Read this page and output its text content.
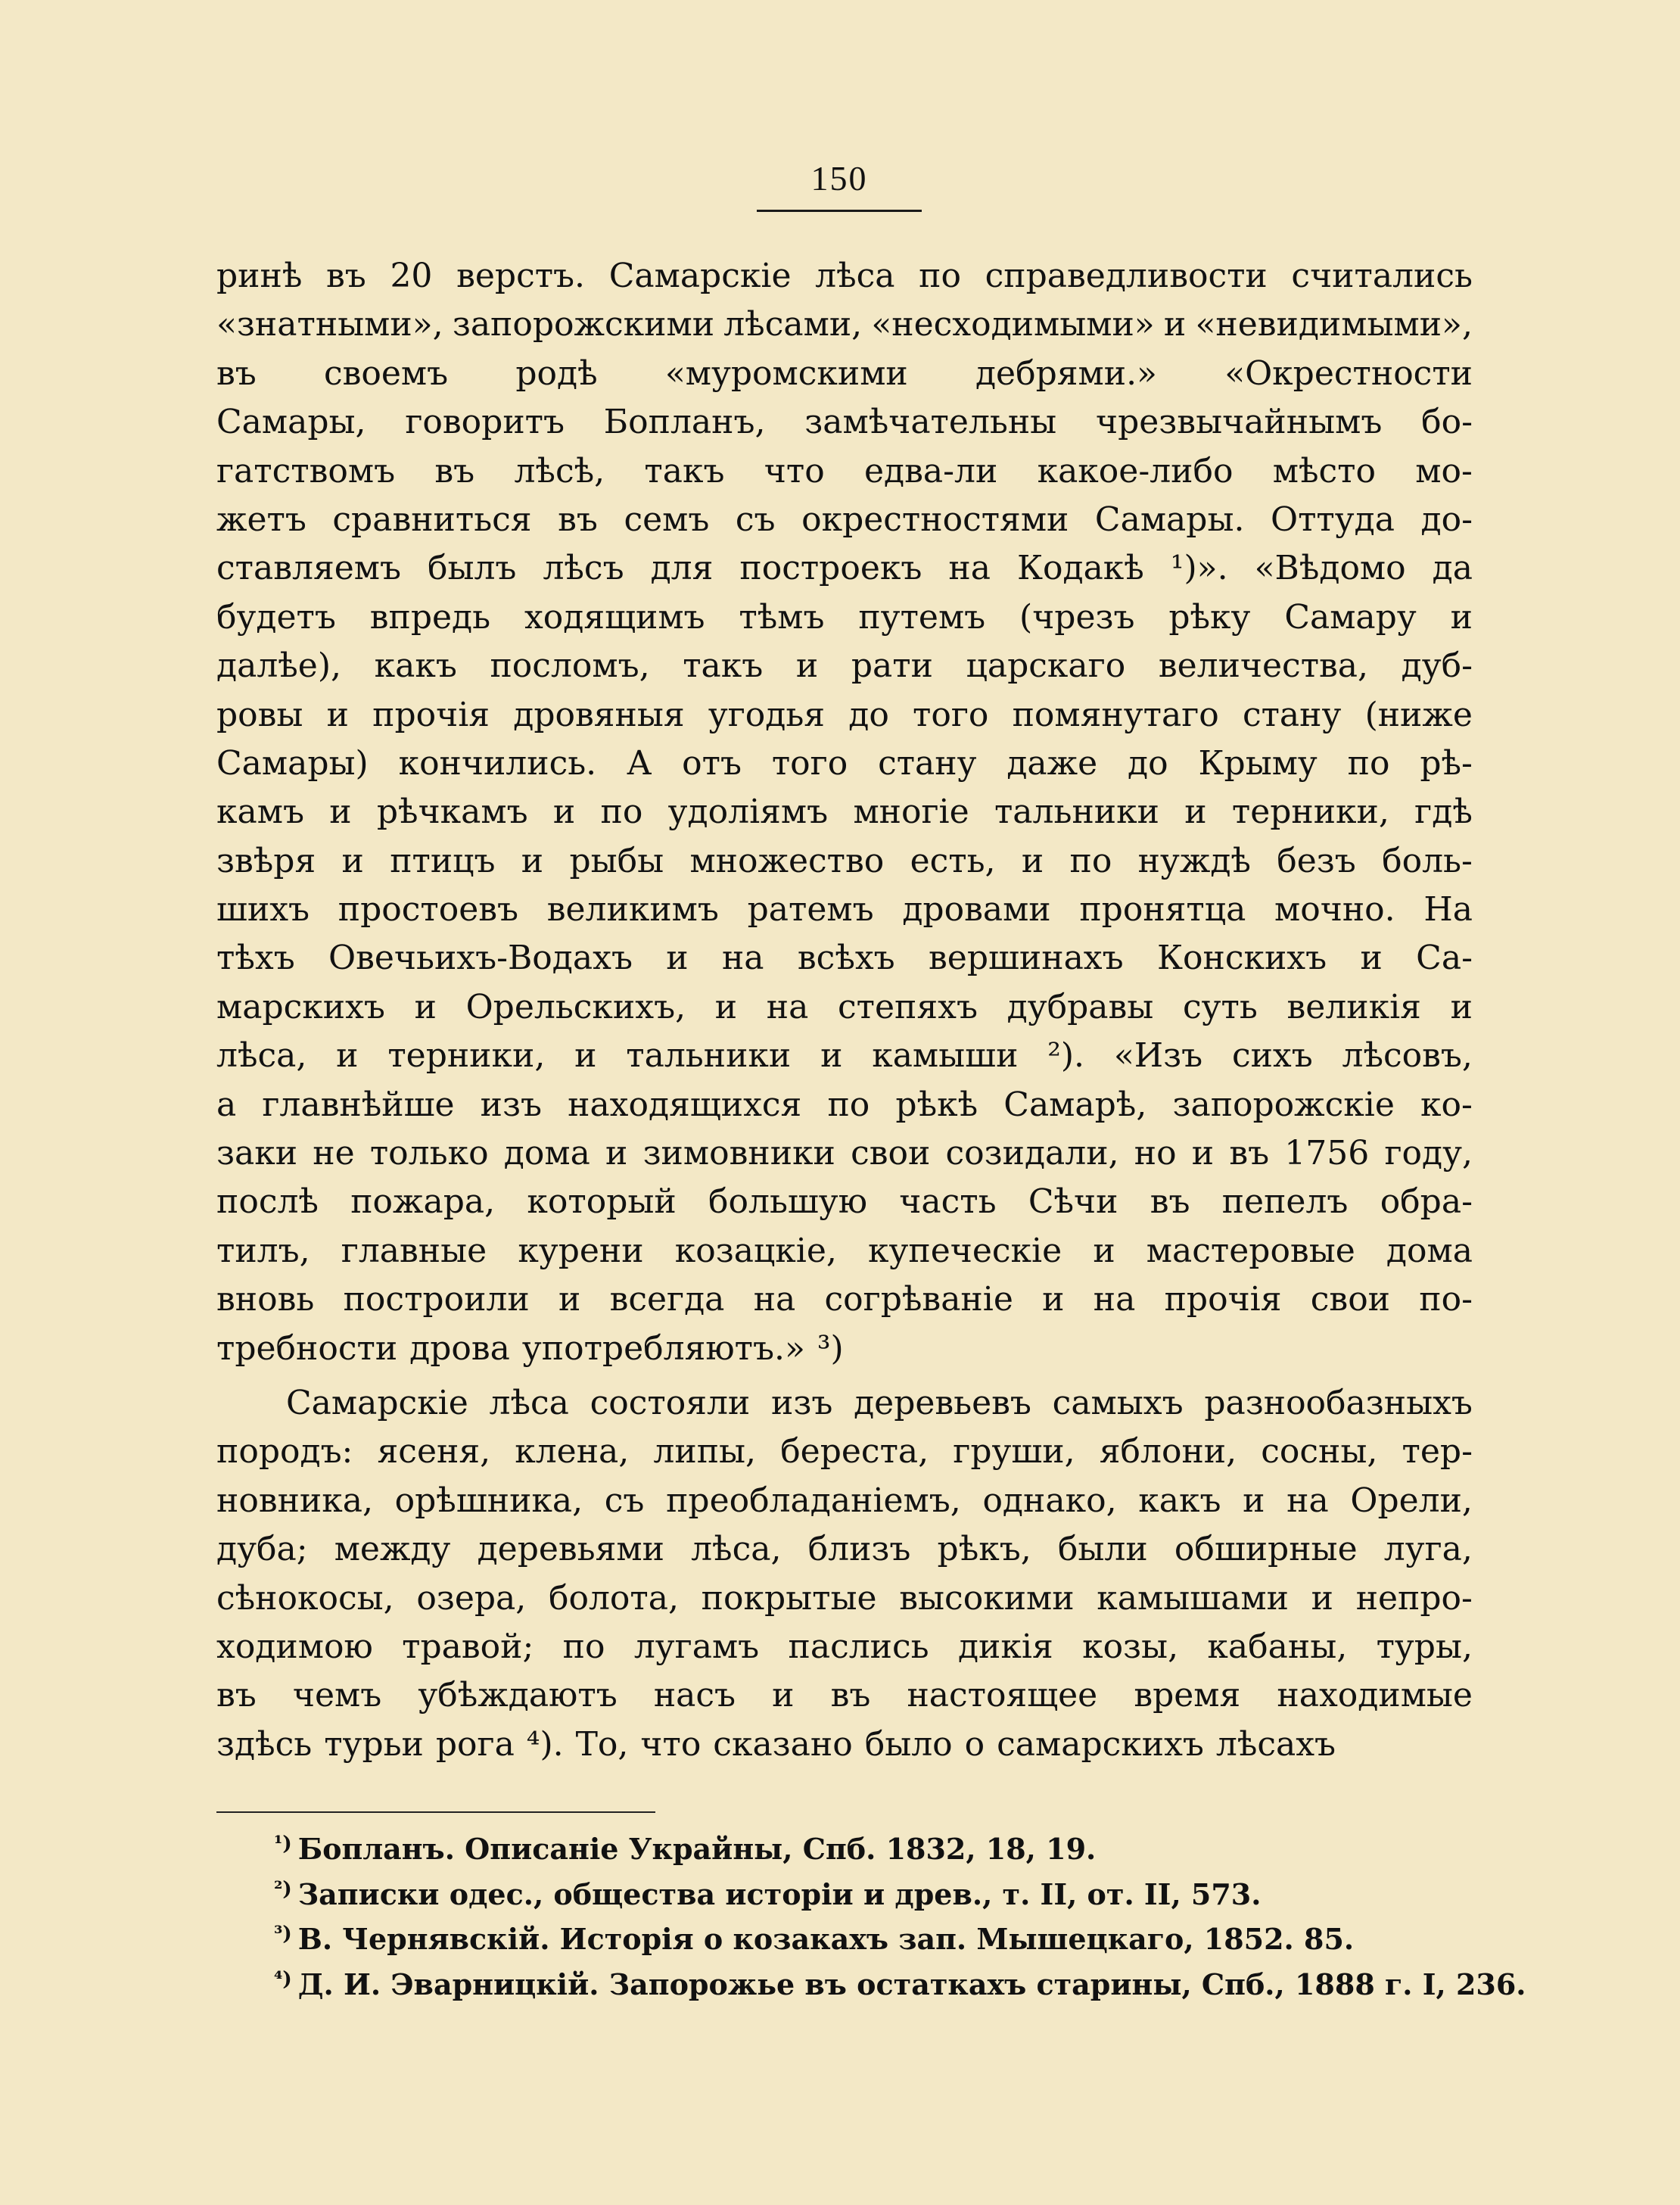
150
ринѣ въ 20 верстъ. Самарскіе лѣса по справедливости считались
«знатными», запорожскими лѣсами, «несходимыми» и «невидимыми»,
въ своемъ родѣ «муромскими дебрями.» «Окрестности
Самары, говоритъ Бопланъ, замѣчательны чрезвычайнымъ бо-
гатствомъ въ лѣсѣ, такъ что едва-ли какое-либо мѣсто мо-
жетъ сравниться въ семъ съ окрестностями Самары. Оттуда до-
ставляемъ былъ лѣсъ для построекъ на Кодакѣ ¹)». «Вѣдомо да
будетъ впредь ходящимъ тѣмъ путемъ (чрезъ рѣку Самару и
далѣе), какъ посломъ, такъ и рати царскаго величества, дуб-
ровы и прочія дровяныя угодья до того помянутаго стану (ниже
Самары) кончились. А отъ того стану даже до Крыму по рѣ-
камъ и рѣчкамъ и по удолiямъ многiе тальники и терники, гдѣ
звѣря и птицъ и рыбы множество есть, и по нуждѣ безъ боль-
шихъ простоевъ великимъ ратемъ дровами пронятца мочно. На
тѣхъ Овечьихъ-Водахъ и на всѣхъ вершинахъ Конскихъ и Са-
марскихъ и Орельскихъ, и на степяхъ дубравы суть великія и
лѣса, и терники, и тальники и камыши ²). «Изъ сихъ лѣсовъ,
а главнѣйше изъ находящихся по рѣкѣ Самарѣ, запорожскіе ко-
заки не только дома и зимовники свои созидали, но и въ 1756 году,
послѣ пожара, который большую часть Сѣчи въ пепелъ обра-
тилъ, главные курени козацкіе, купеческіе и мастеровые дома
вновь построили и всегда на согрѣваніе и на прочія свои по-
требности дрова употребляютъ.» ³)
Самарскіе лѣса состояли изъ деревьевъ самыхъ разнообазныхъ
породъ: ясеня, клена, липы, береста, груши, яблони, сосны, тер-
новника, орѣшника, съ преобладаніемъ, однако, какъ и на Орели,
дуба; между деревьями лѣса, близъ рѣкъ, были обширные луга,
сѣнокосы, озера, болота, покрытые высокими камышами и непро-
ходимою травой; по лугамъ паслись дикія козы, кабаны, туры,
въ чемъ убѣждаютъ насъ и въ настоящее время находимые
здѣсь турьи рога ⁴). То, что сказано было о самарскихъ лѣсахъ
$^{^1)}$ Бопланъ. Описаніе Украйны, Спб. 1832, 18, 19.
$^{^2)}$ Записки одес., общества исторіи и древ., т. II, от. II, 573.
$^{^3)}$ В. Чернявскій. Исторія о козакахъ зап. Мышецкаго, 1852. 85.
$^{^4)}$ Д. И. Эварницкій. Запорожье въ остаткахъ старины, Спб., 1888 г. I, 236.
